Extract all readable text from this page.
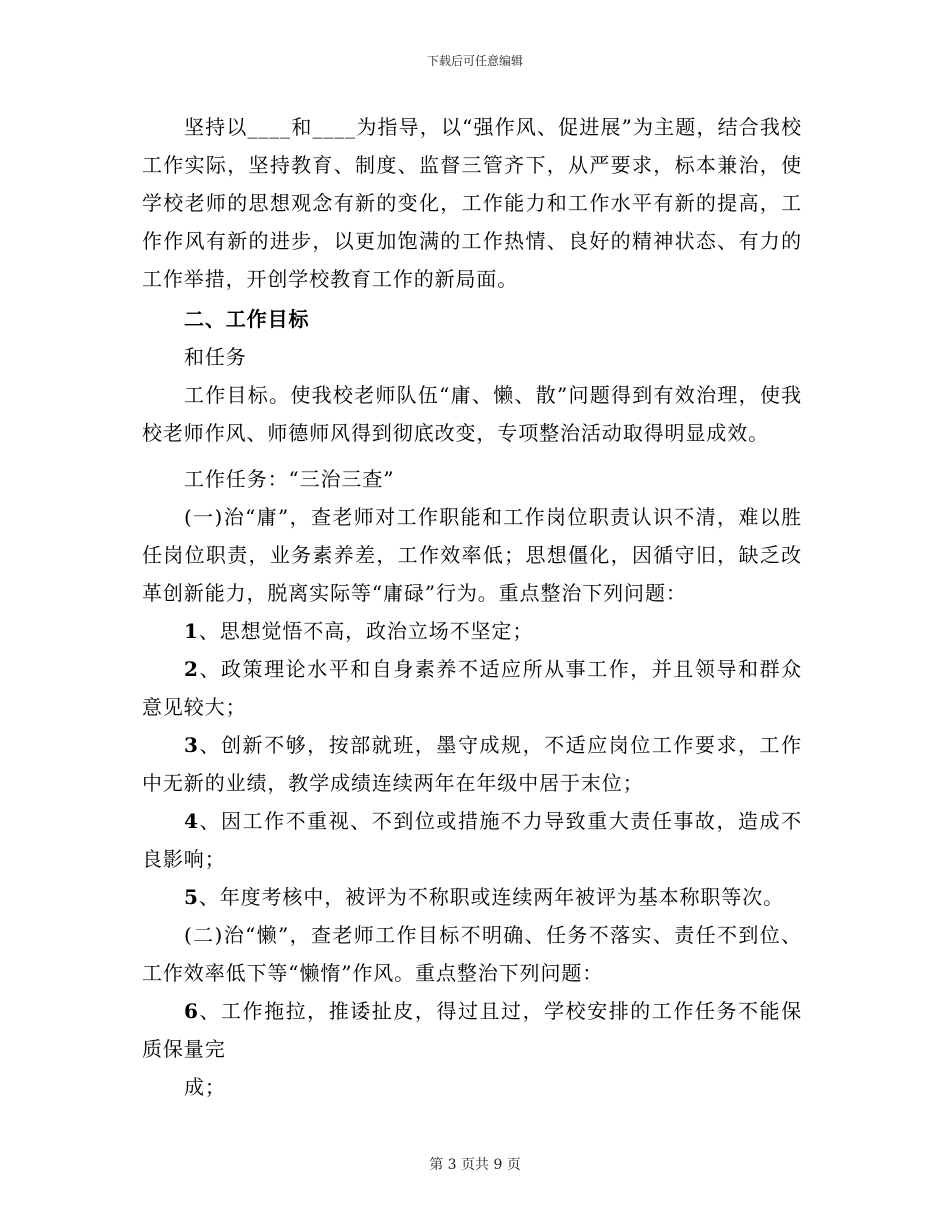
下载后可任意编辑

坚持以____和____为指导，以“强作风、促进展”为主题，结合我校工作实际，坚持教育、制度、监督三管齐下，从严要求，标本兼治，使学校老师的思想观念有新的变化，工作能力和工作水平有新的提高，工作作风有新的进步，以更加饱满的工作热情、良好的精神状态、有力的工作举措，开创学校教育工作的新局面。

二、工作目标

和任务

工作目标。使我校老师队伍“庸、懒、散”问题得到有效治理，使我校老师作风、师德师风得到彻底改变，专项整治活动取得明显成效。

工作任务：“三治三查”

(一)治“庸”，查老师对工作职能和工作岗位职责认识不清，难以胜任岗位职责，业务素养差，工作效率低；思想僵化，因循守旧，缺乏改革创新能力，脱离实际等“庸碌”行为。重点整治下列问题：

1、思想觉悟不高，政治立场不坚定；

2、政策理论水平和自身素养不适应所从事工作，并且领导和群众意见较大；

3、创新不够，按部就班，墨守成规，不适应岗位工作要求，工作中无新的业绩，教学成绩连续两年在年级中居于末位；

4、因工作不重视、不到位或措施不力导致重大责任事故，造成不良影响；

5、年度考核中，被评为不称职或连续两年被评为基本称职等次。

(二)治“懒”，查老师工作目标不明确、任务不落实、责任不到位、工作效率低下等“懒惰”作风。重点整治下列问题：

6、工作拖拉，推诿扯皮，得过且过，学校安排的工作任务不能保质保量完

成；

第 3 页共 9 页
